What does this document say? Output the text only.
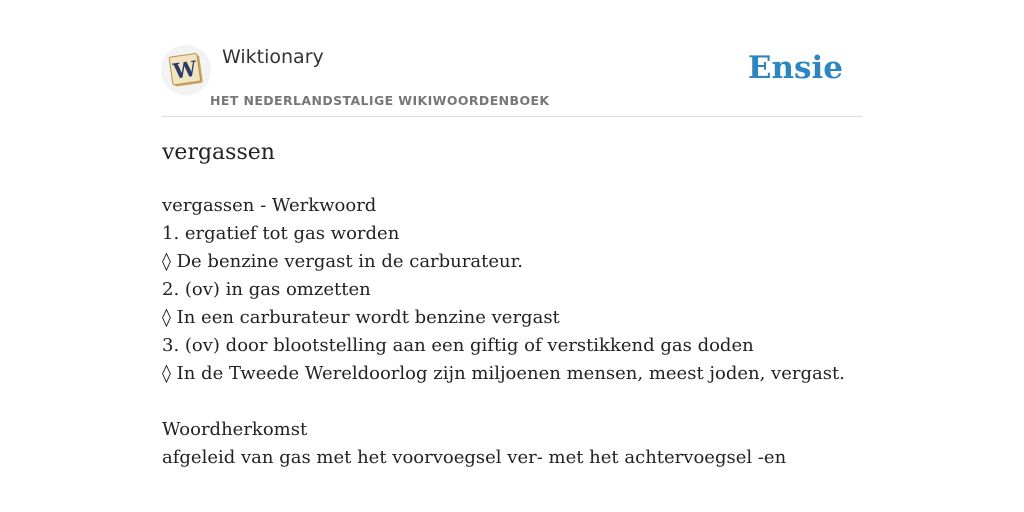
W Wiktionary
HET NEDERLANDSTALIGE WIKIWOORDENBOEK
Ensie
vergassen
vergassen - Werkwoord
1. ergatief tot gas worden
◊ De benzine vergast in de carburateur.
2. (ov) in gas omzetten
◊ In een carburateur wordt benzine vergast
3. (ov) door blootstelling aan een giftig of verstikkend gas doden
◊ In de Tweede Wereldoorlog zijn miljoenen mensen, meest joden, vergast.
Woordherkomst
afgeleid van gas met het voorvoegsel ver- met het achtervoegsel -en
